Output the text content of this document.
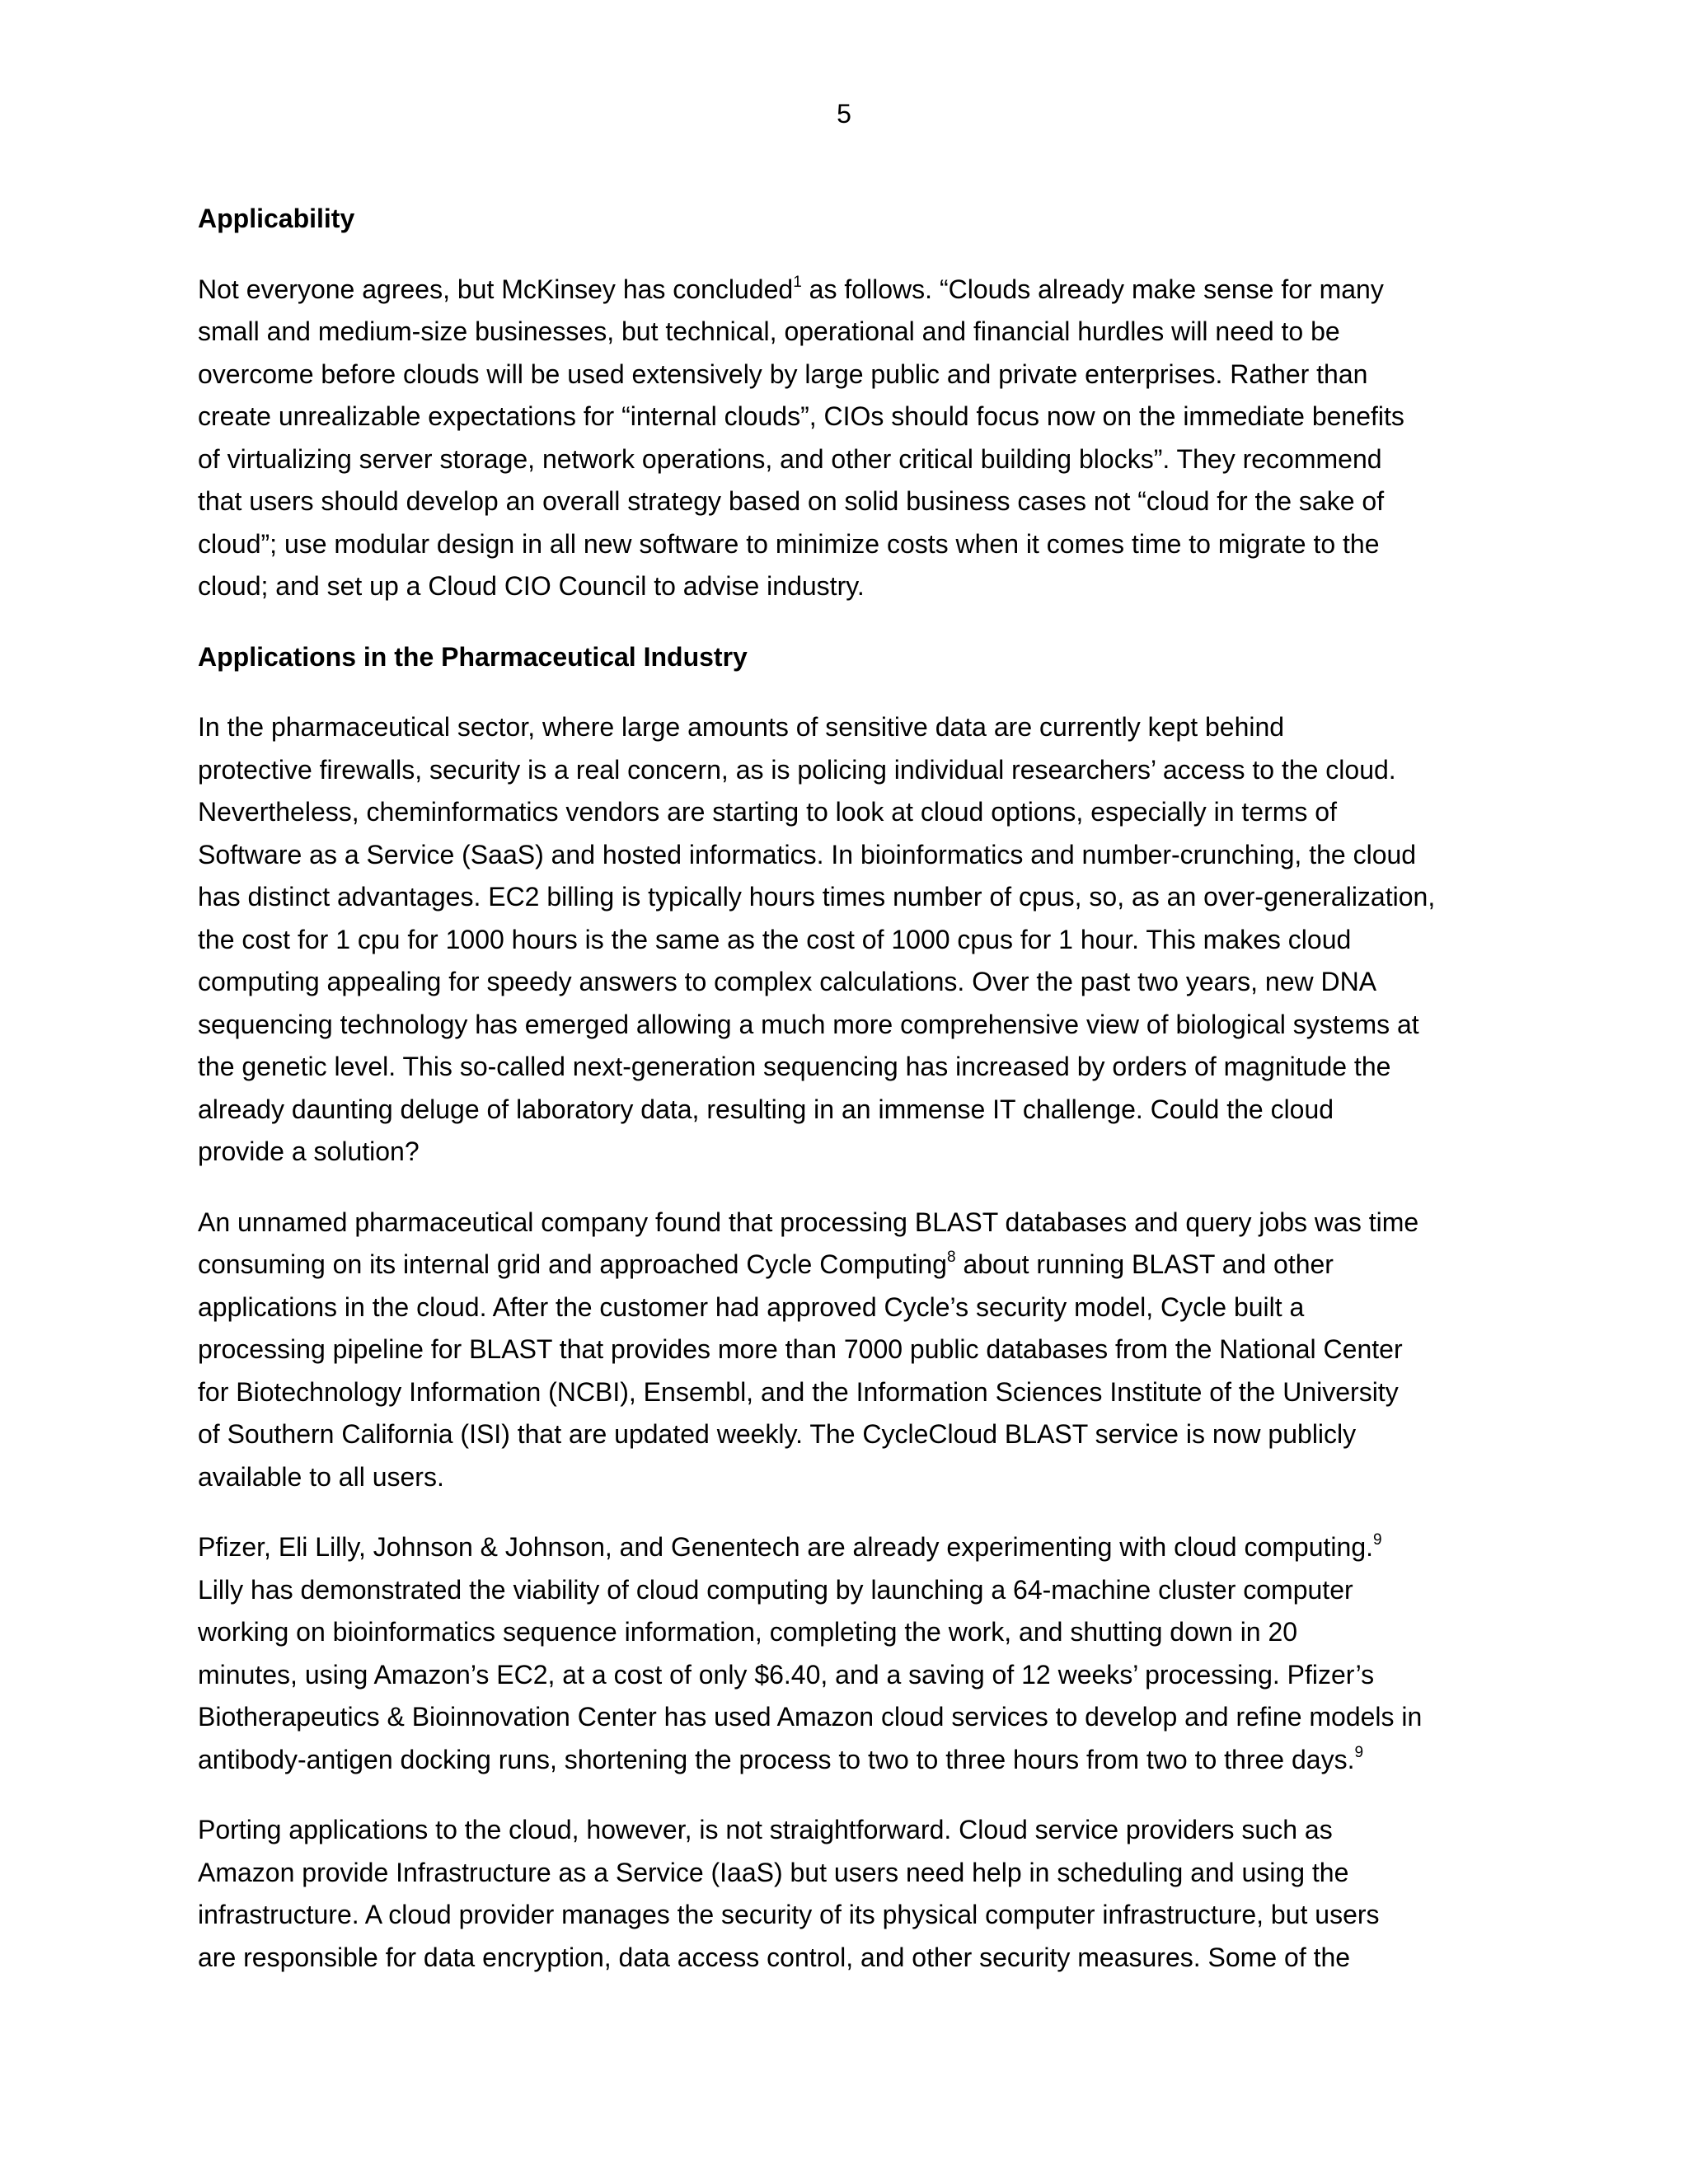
5
Applicability
Not everyone agrees, but McKinsey has concluded$^1$ as follows. “Clouds already make sense for many
small and medium-size businesses, but technical, operational and financial hurdles will need to be
overcome before clouds will be used extensively by large public and private enterprises. Rather than
create unrealizable expectations for “internal clouds”, CIOs should focus now on the immediate benefits
of virtualizing server storage, network operations, and other critical building blocks”. They recommend
that users should develop an overall strategy based on solid business cases not “cloud for the sake of
cloud”; use modular design in all new software to minimize costs when it comes time to migrate to the
cloud; and set up a Cloud CIO Council to advise industry.
Applications in the Pharmaceutical Industry
In the pharmaceutical sector, where large amounts of sensitive data are currently kept behind
protective firewalls, security is a real concern, as is policing individual researchers’ access to the cloud.
Nevertheless, cheminformatics vendors are starting to look at cloud options, especially in terms of
Software as a Service (SaaS) and hosted informatics. In bioinformatics and number-crunching, the cloud
has distinct advantages. EC2 billing is typically hours times number of cpus, so, as an over-generalization,
the cost for 1 cpu for 1000 hours is the same as the cost of 1000 cpus for 1 hour. This makes cloud
computing appealing for speedy answers to complex calculations. Over the past two years, new DNA
sequencing technology has emerged allowing a much more comprehensive view of biological systems at
the genetic level. This so-called next-generation sequencing has increased by orders of magnitude the
already daunting deluge of laboratory data, resulting in an immense IT challenge. Could the cloud
provide a solution?
An unnamed pharmaceutical company found that processing BLAST databases and query jobs was time
consuming on its internal grid and approached Cycle Computing$^8$ about running BLAST and other
applications in the cloud. After the customer had approved Cycle’s security model, Cycle built a
processing pipeline for BLAST that provides more than 7000 public databases from the National Center
for Biotechnology Information (NCBI), Ensembl, and the Information Sciences Institute of the University
of Southern California (ISI) that are updated weekly. The CycleCloud BLAST service is now publicly
available to all users.
Pfizer, Eli Lilly, Johnson & Johnson, and Genentech are already experimenting with cloud computing.$^9$
Lilly has demonstrated the viability of cloud computing by launching a 64-machine cluster computer
working on bioinformatics sequence information, completing the work, and shutting down in 20
minutes, using Amazon’s EC2, at a cost of only $6.40, and a saving of 12 weeks’ processing. Pfizer’s
Biotherapeutics & Bioinnovation Center has used Amazon cloud services to develop and refine models in
antibody-antigen docking runs, shortening the process to two to three hours from two to three days.$^9$
Porting applications to the cloud, however, is not straightforward. Cloud service providers such as
Amazon provide Infrastructure as a Service (IaaS) but users need help in scheduling and using the
infrastructure. A cloud provider manages the security of its physical computer infrastructure, but users
are responsible for data encryption, data access control, and other security measures. Some of the
